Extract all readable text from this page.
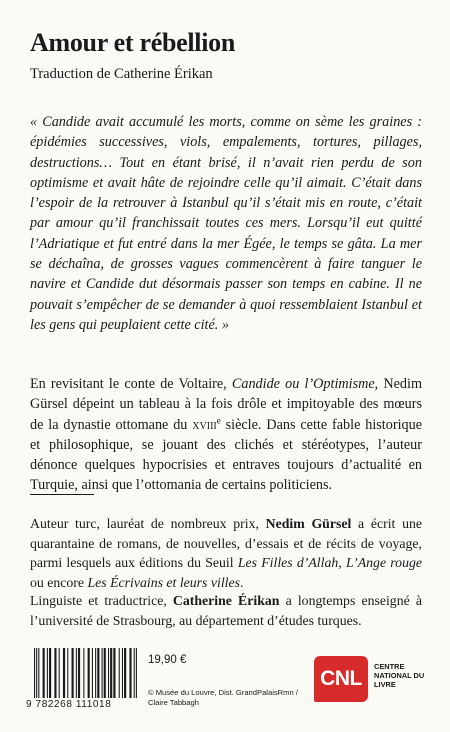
Amour et rébellion
Traduction de Catherine Érikan

« Candide avait accumulé les morts, comme on sème les graines : épidémies successives, viols, empalements, tortures, pillages, destructions… Tout en étant brisé, il n’avait rien perdu de son optimisme et avait hâte de rejoindre celle qu’il aimait. C’était dans l’espoir de la retrouver à Istanbul qu’il s’était mis en route, c’était par amour qu’il franchissait toutes ces mers. Lorsqu’il eut quitté l’Adriatique et fut entré dans la mer Égée, le temps se gâta. La mer se déchaîna, de grosses vagues commencèrent à faire tanguer le navire et Candide dut désormais passer son temps en cabine. Il ne pouvait s’empêcher de se demander à quoi ressemblaient Istanbul et les gens qui peuplaient cette cité. »

En revisitant le conte de Voltaire, Candide ou l’Optimisme, Nedim Gürsel dépeint un tableau à la fois drôle et impitoyable des mœurs de la dynastie ottomane du xviii$^e$ siècle. Dans cette fable historique et philosophique, se jouant des clichés et stéréotypes, l’auteur dénonce quelques hypocrisies et entraves toujours d’actualité en Turquie, ainsi que l’ottomania de certains politiciens.

Auteur turc, lauréat de nombreux prix, Nedim Gürsel a écrit une quarantaine de romans, de nouvelles, d’essais et de récits de voyage, parmi lesquels aux éditions du Seuil Les Filles d’Allah, L’Ange rouge ou encore Les Écrivains et leurs villes.

Linguiste et traductrice, Catherine Érikan a longtemps enseigné à l’université de Strasbourg, au département d’études turques.

9 782268 111018
19,90 €
© Musée du Louvre, Dist. GrandPalaisRmn / Claire Tabbagh
CNL
CENTRE NATIONAL DU LIVRE
